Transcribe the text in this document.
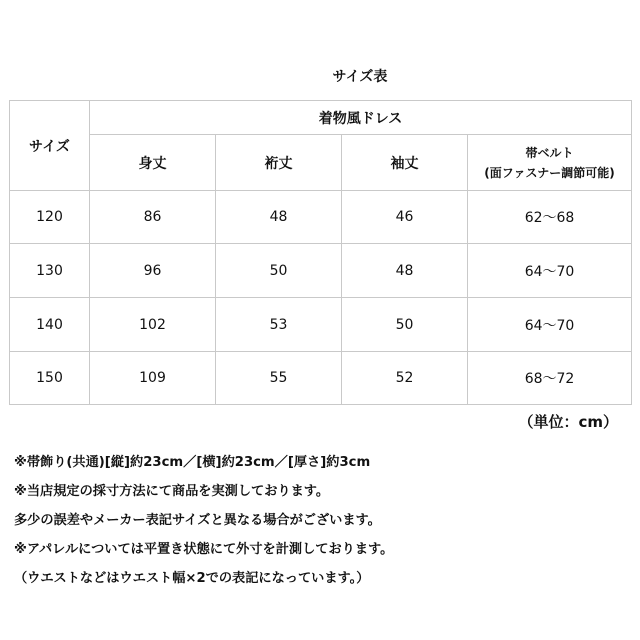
サイズ表
サイズ	着物風ドレス			
	身丈	裄丈	袖丈	帯ベルト
(面ファスナー調節可能)

120	86	48	46	62〜68
130	96	50	48	64〜70
140	102	53	50	64〜70
150	109	55	52	68〜72
（単位：cm）
※帯飾り(共通)[縦]約23cm／[横]約23cm／[厚さ]約3cm
※当店規定の採寸方法にて商品を実測しております。
多少の誤差やメーカー表記サイズと異なる場合がございます。
※アパレルについては平置き状態にて外寸を計測しております。
（ウエストなどはウエスト幅×2での表記になっています。）
